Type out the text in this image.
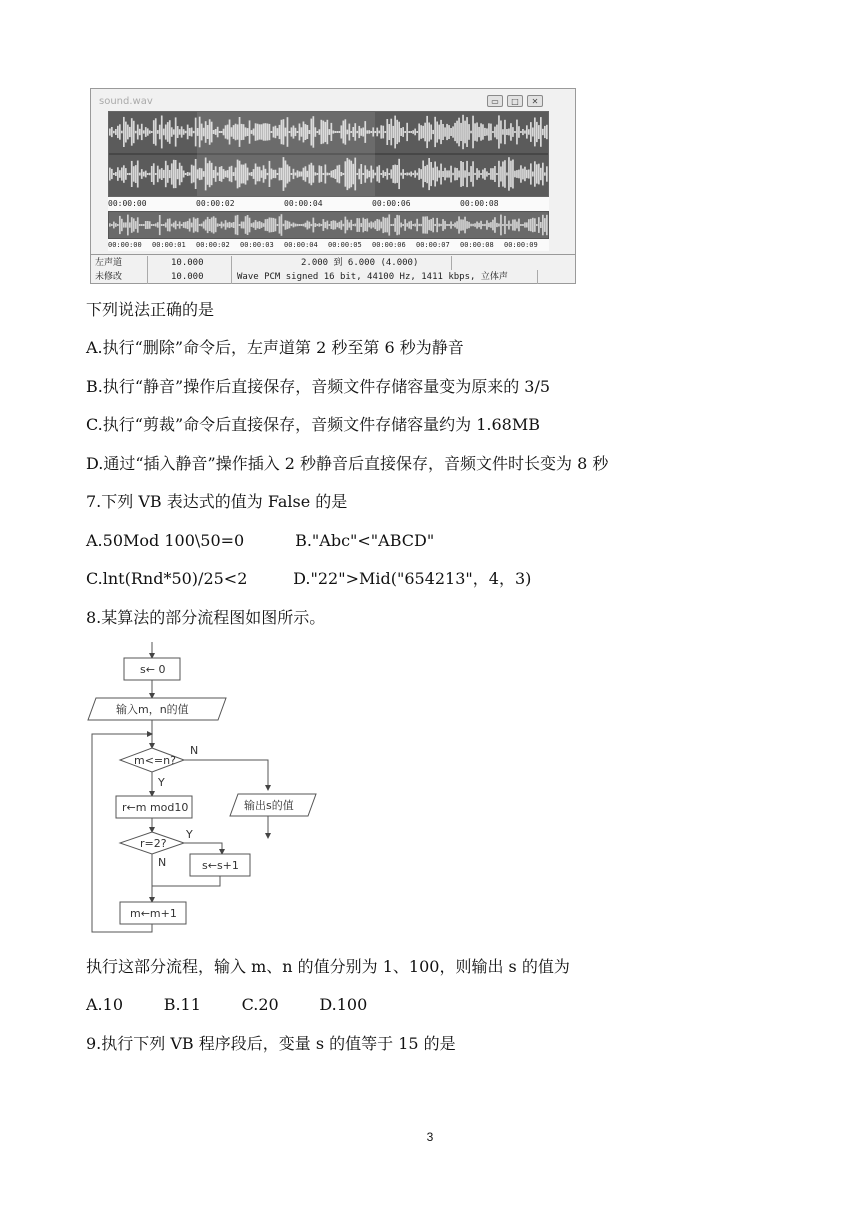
sound.wav	▭	□	✕
00:00:00	00:00:02	00:00:04	00:00:06	00:00:08
00:00:00 00:00:01 00:00:02 00:00:03 00:00:04 00:00:05 00:00:06 00:00:07 00:00:08 00:00:09
左声道	10.000	2.000 到 6.000 (4.000)
未修改	10.000	Wave PCM signed 16 bit, 44100 Hz, 1411 kbps, 立体声
下列说法正确的是
A.执行“删除”命令后，左声道第 2 秒至第 6 秒为静音
B.执行“静音”操作后直接保存，音频文件存储容量变为原来的 3/5
C.执行“剪裁”命令后直接保存，音频文件存储容量约为 1.68MB
D.通过“插入静音”操作插入 2 秒静音后直接保存，音频文件时长变为 8 秒
7.下列 VB 表达式的值为 False 的是
A.50Mod 100\50=0          B."Abc"<"ABCD"
C.lnt(Rnd*50)/25<2         D."22">Mid("654213"，4，3)
8.某算法的部分流程图如图所示。
s← 0
输入m，n的值
m<=n?
N
Y
r←m mod10	输出s的值
r=2?
Y
N	s←s+1
m←m+1
执行这部分流程，输入 m、n 的值分别为 1、100，则输出 s 的值为
A.10        B.11        C.20        D.100
9.执行下列 VB 程序段后，变量 s 的值等于 15 的是
3
